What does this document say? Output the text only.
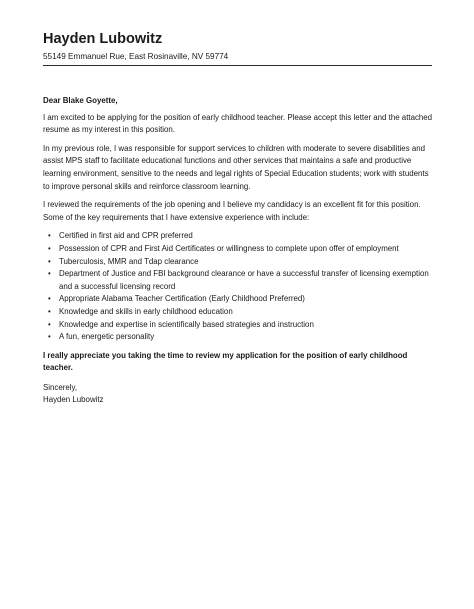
Hayden Lubowitz
55149 Emmanuel Rue, East Rosinaville, NV 59774

Dear Blake Goyette,

I am excited to be applying for the position of early childhood teacher. Please accept this letter and the attached resume as my interest in this position.

In my previous role, I was responsible for support services to children with moderate to severe disabilities and assist MPS staff to facilitate educational functions and other services that maintains a safe and productive learning environment, sensitive to the needs and legal rights of Special Education students; work with students to improve personal skills and reinforce classroom learning.

I reviewed the requirements of the job opening and I believe my candidacy is an excellent fit for this position. Some of the key requirements that I have extensive experience with include:

• Certified in first aid and CPR preferred
• Possession of CPR and First Aid Certificates or willingness to complete upon offer of employment
• Tuberculosis, MMR and Tdap clearance
• Department of Justice and FBI background clearance or have a successful transfer of licensing exemption and a successful licensing record
• Appropriate Alabama Teacher Certification (Early Childhood Preferred)
• Knowledge and skills in early childhood education
• Knowledge and expertise in scientifically based strategies and instruction
• A fun, energetic personality

I really appreciate you taking the time to review my application for the position of early childhood teacher.

Sincerely,

Hayden Lubowitz
